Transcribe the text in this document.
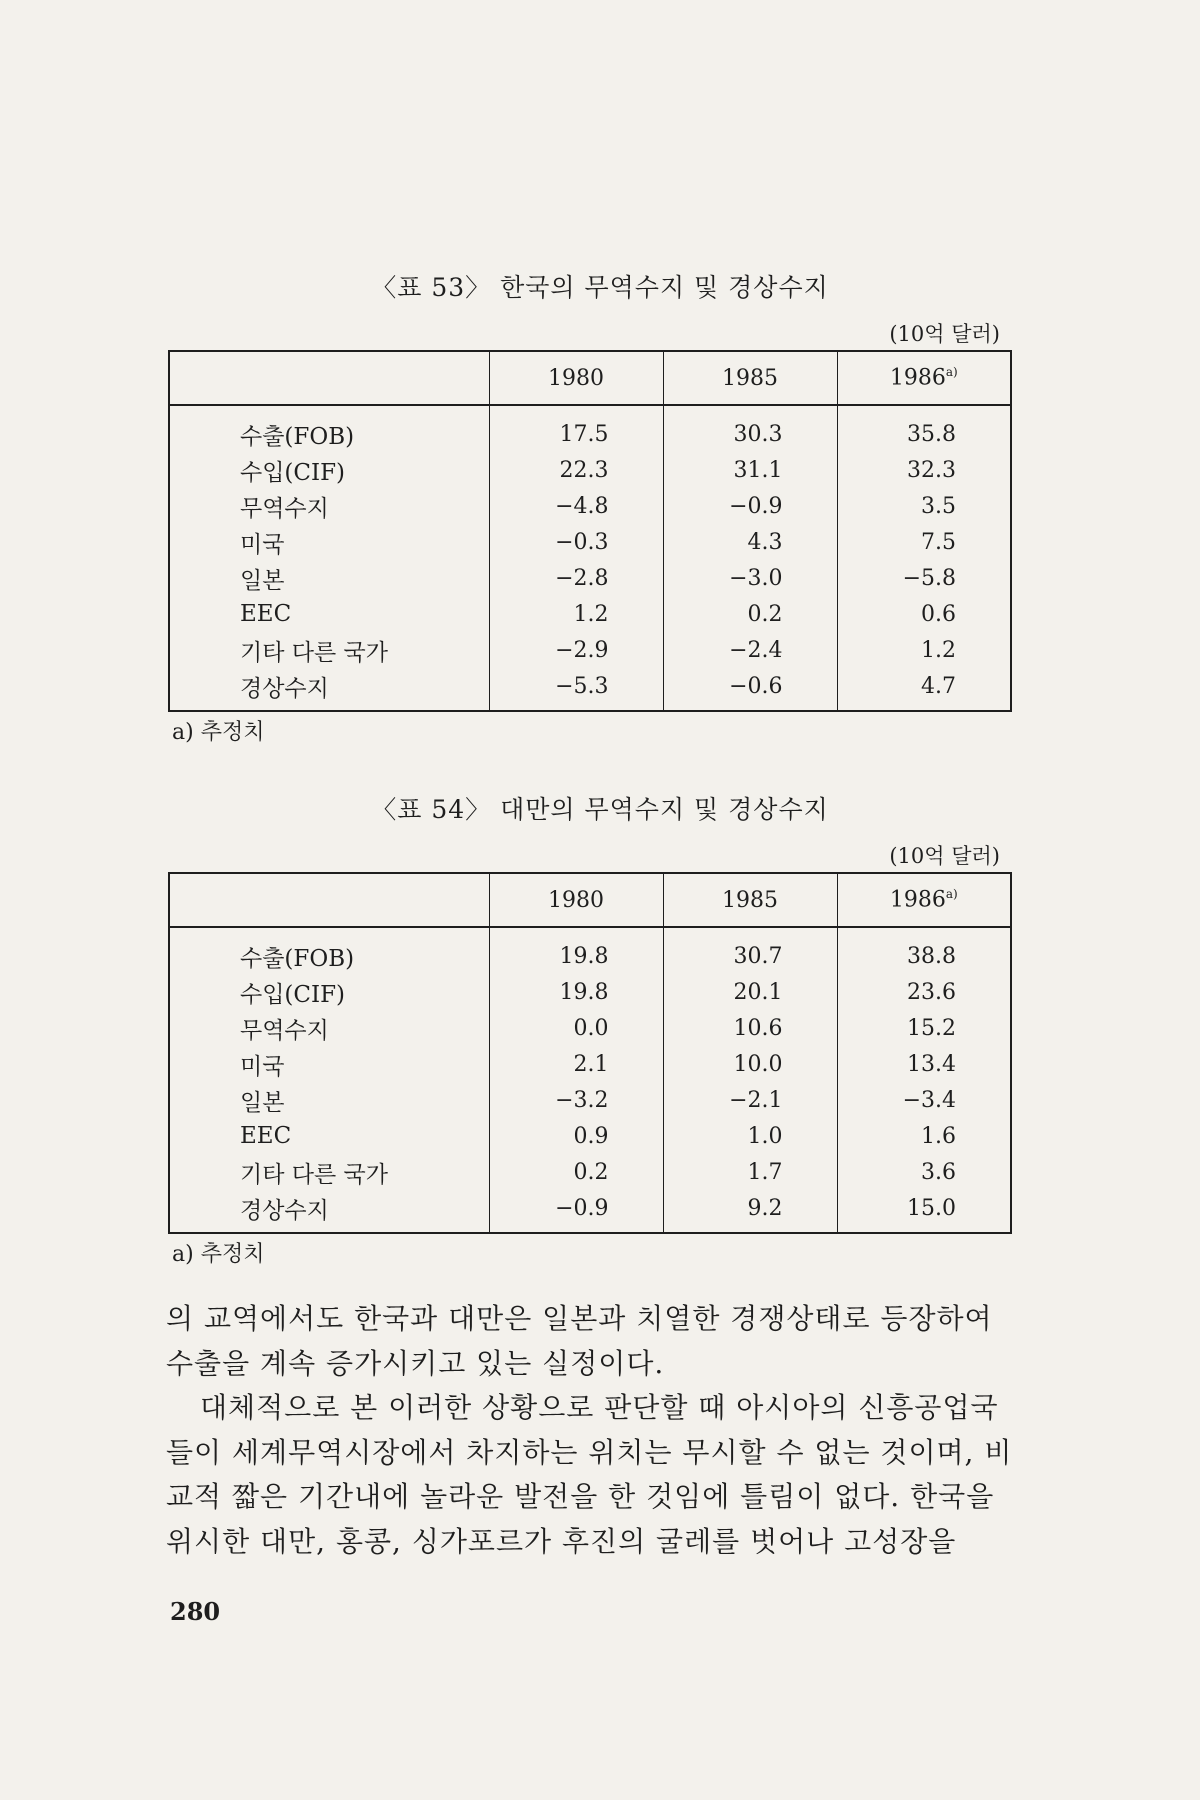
〈표 53〉 한국의 무역수지 및 경상수지
(10억 달러)
	1980	1985	1986$^{a)}$
수출(FOB)	17.5	30.3	35.8
수입(CIF)	22.3	31.1	32.3
무역수지	−4.8	−0.9	3.5
미국	−0.3	4.3	7.5
일본	−2.8	−3.0	−5.8
EEC	1.2	0.2	0.6
기타 다른 국가	−2.9	−2.4	1.2
경상수지	−5.3	−0.6	4.7
a) 추정치
〈표 54〉 대만의 무역수지 및 경상수지
(10억 달러)
	1980	1985	1986$^{a)}$
수출(FOB)	19.8	30.7	38.8
수입(CIF)	19.8	20.1	23.6
무역수지	0.0	10.6	15.2
미국	2.1	10.0	13.4
일본	−3.2	−2.1	−3.4
EEC	0.9	1.0	1.6
기타 다른 국가	0.2	1.7	3.6
경상수지	−0.9	9.2	15.0
a) 추정치

의 교역에서도 한국과 대만은 일본과 치열한 경쟁상태로 등장하여 수출을 계속 증가시키고 있는 실정이다.

대체적으로 본 이러한 상황으로 판단할 때 아시아의 신흥공업국들이 세계무역시장에서 차지하는 위치는 무시할 수 없는 것이며, 비교적 짧은 기간내에 놀라운 발전을 한 것임에 틀림이 없다. 한국을 위시한 대만, 홍콩, 싱가포르가 후진의 굴레를 벗어나 고성장을

280
